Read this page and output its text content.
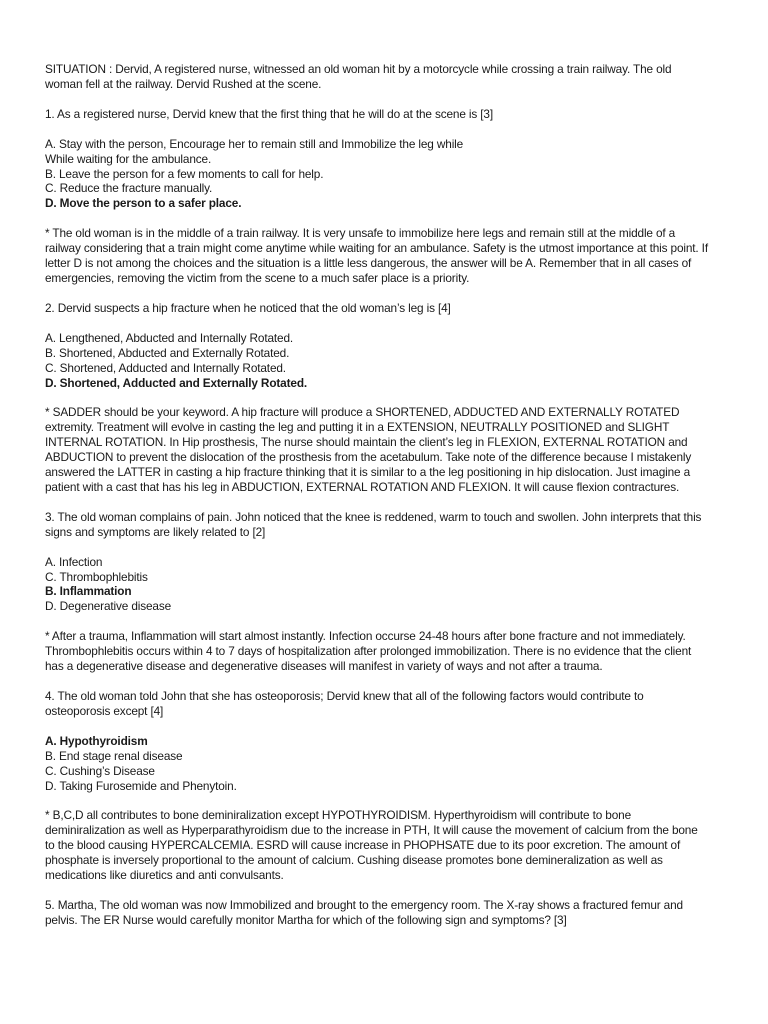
SITUATION : Dervid, A registered nurse, witnessed an old woman hit by a motorcycle while crossing a train railway. The old woman fell at the railway. Dervid Rushed at the scene.

1. As a registered nurse, Dervid knew that the first thing that he will do at the scene is [3]

A. Stay with the person, Encourage her to remain still and Immobilize the leg while
While waiting for the ambulance.
B. Leave the person for a few moments to call for help.
C. Reduce the fracture manually.
D. Move the person to a safer place.

* The old woman is in the middle of a train railway. It is very unsafe to immobilize here legs and remain still at the middle of a railway considering that a train might come anytime while waiting for an ambulance. Safety is the utmost importance at this point. If letter D is not among the choices and the situation is a little less dangerous, the answer will be A. Remember that in all cases of emergencies, removing the victim from the scene to a much safer place is a priority.

2. Dervid suspects a hip fracture when he noticed that the old woman’s leg is [4]

A. Lengthened, Abducted and Internally Rotated.
B. Shortened, Abducted and Externally Rotated.
C. Shortened, Adducted and Internally Rotated.
D. Shortened, Adducted and Externally Rotated.

* SADDER should be your keyword. A hip fracture will produce a SHORTENED, ADDUCTED AND EXTERNALLY ROTATED extremity. Treatment will evolve in casting the leg and putting it in a EXTENSION, NEUTRALLY POSITIONED and SLIGHT INTERNAL ROTATION. In Hip prosthesis, The nurse should maintain the client’s leg in FLEXION, EXTERNAL ROTATION and ABDUCTION to prevent the dislocation of the prosthesis from the acetabulum. Take note of the difference because I mistakenly answered the LATTER in casting a hip fracture thinking that it is similar to a the leg positioning in hip dislocation. Just imagine a patient with a cast that has his leg in ABDUCTION, EXTERNAL ROTATION AND FLEXION. It will cause flexion contractures.

3. The old woman complains of pain. John noticed that the knee is reddened, warm to touch and swollen. John interprets that this signs and symptoms are likely related to [2]

A. Infection
C. Thrombophlebitis
B. Inflammation
D. Degenerative disease

* After a trauma, Inflammation will start almost instantly. Infection occurse 24-48 hours after bone fracture and not immediately. Thrombophlebitis occurs within 4 to 7 days of hospitalization after prolonged immobilization. There is no evidence that the client has a degenerative disease and degenerative diseases will manifest in variety of ways and not after a trauma.

4. The old woman told John that she has osteoporosis; Dervid knew that all of the following factors would contribute to osteoporosis except [4]

A. Hypothyroidism
B. End stage renal disease
C. Cushing’s Disease
D. Taking Furosemide and Phenytoin.

* B,C,D all contributes to bone deminiralization except HYPOTHYROIDISM. Hyperthyroidism will contribute to bone deminiralization as well as Hyperparathyroidism due to the increase in PTH, It will cause the movement of calcium from the bone to the blood causing HYPERCALCEMIA. ESRD will cause increase in PHOPHSATE due to its poor excretion. The amount of phosphate is inversely proportional to the amount of calcium. Cushing disease promotes bone demineralization as well as medications like diuretics and anti convulsants.

5. Martha, The old woman was now Immobilized and brought to the emergency room. The X-ray shows a fractured femur and pelvis. The ER Nurse would carefully monitor Martha for which of the following sign and symptoms? [3]
